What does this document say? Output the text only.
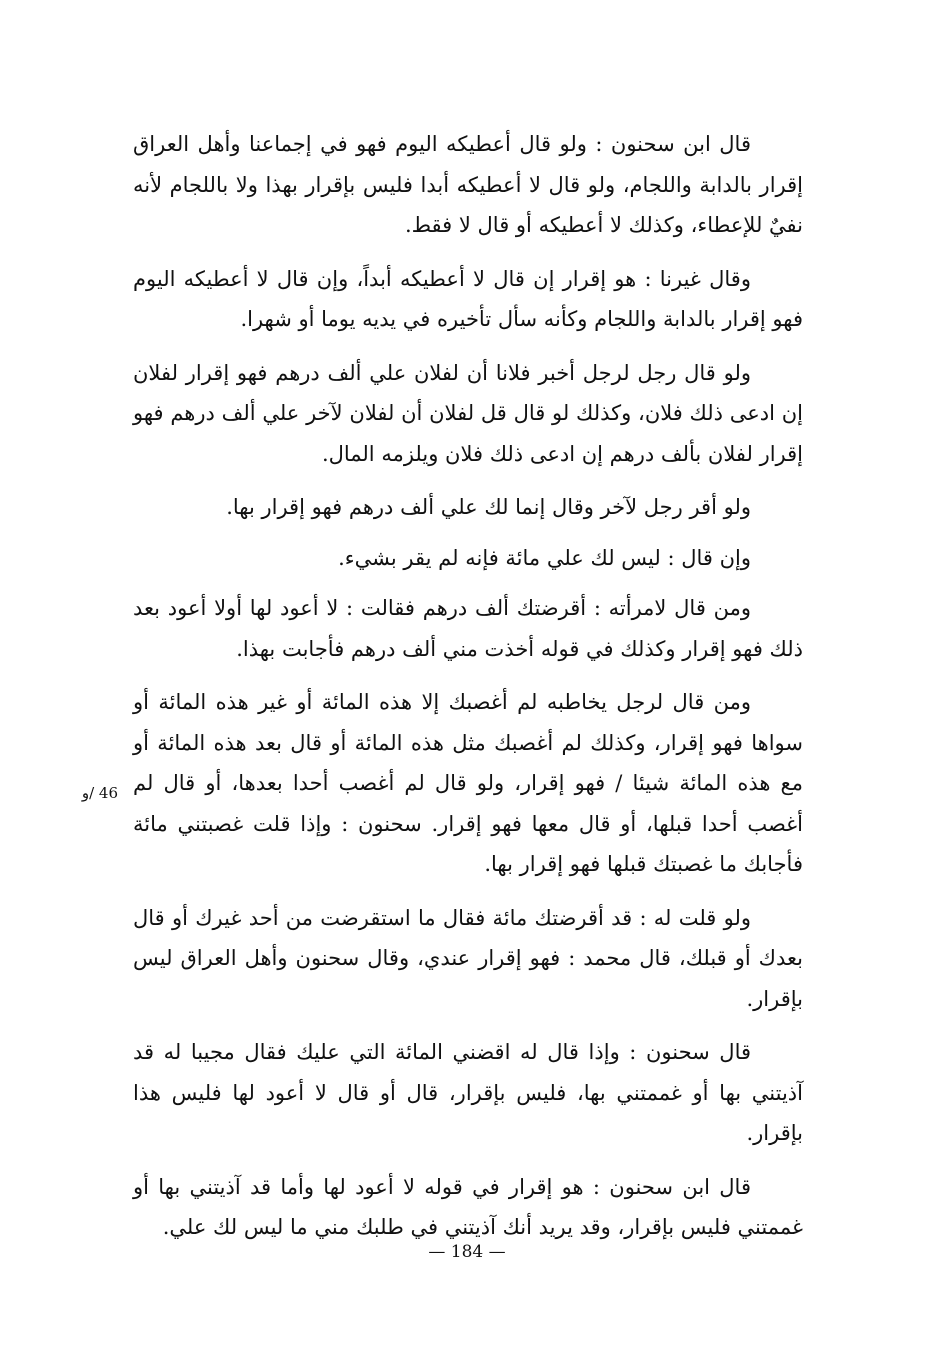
قال ابن سحنون : ولو قال أعطيكه اليوم فهو في إجماعنا وأهل العراق إقرار بالدابة واللجام، ولو قال لا أعطيكه أبدا فليس بإقرار بهذا ولا باللجام لأنه نفيٌ للإعطاء، وكذلك لا أعطيكه أو قال لا فقط.

وقال غيرنا : هو إقرار إن قال لا أعطيكه أبداً، وإن قال لا أعطيكه اليوم فهو إقرار بالدابة واللجام وكأنه سأل تأخيره في يديه يوما أو شهرا.

ولو قال رجل لرجل أخبر فلانا أن لفلان علي ألف درهم فهو إقرار لفلان إن ادعى ذلك فلان، وكذلك لو قال قل لفلان أن لفلان لآخر علي ألف درهم فهو إقرار لفلان بألف درهم إن ادعى ذلك فلان ويلزمه المال.

ولو أقر رجل لآخر وقال إنما لك علي ألف درهم فهو إقرار بها.

وإن قال : ليس لك علي مائة فإنه لم يقر بشيء.

ومن قال لامرأته : أقرضتك ألف درهم فقالت : لا أعود لها أولا أعود بعد ذلك فهو إقرار وكذلك في قوله أخذت مني ألف درهم فأجابت بهذا.

ومن قال لرجل يخاطبه لم أغصبك إلا هذه المائة أو غير هذه المائة أو سواها فهو إقرار، وكذلك لم أغصبك مثل هذه المائة أو قال بعد هذه المائة أو مع هذه المائة شيئا / فهو إقرار، ولو قال لم أغصب أحدا بعدها، أو قال لم أغصب أحدا قبلها، أو قال معها فهو إقرار. سحنون : وإذا قلت غصبتني مائة فأجابك ما غصبتك قبلها فهو إقرار بها.

ولو قلت له : قد أقرضتك مائة فقال ما استقرضت من أحد غيرك أو قال بعدك أو قبلك، قال محمد : فهو إقرار عندي، وقال سحنون وأهل العراق ليس بإقرار.

قال سحنون : وإذا قال له اقضني المائة التي عليك فقال مجيبا له قد آذيتني بها أو غممتني بها، فليس بإقرار، قال أو قال لا أعود لها فليس هذا بإقرار.

قال ابن سحنون : هو إقرار في قوله لا أعود لها وأما قد آذيتني بها أو غممتني فليس بإقرار، وقد يريد أنك آذيتني في طلبك مني ما ليس لك علي.

46 /و
— 184 —
